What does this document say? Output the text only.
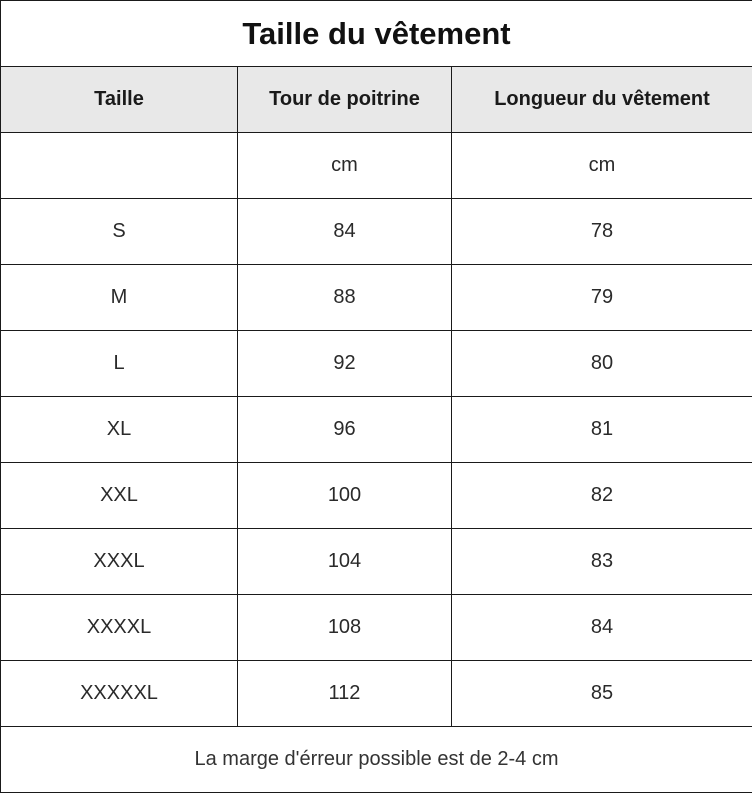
Taille du vêtement		
Taille	Tour de poitrine	Longueur du vêtement
	cm	cm
S	84	78
M	88	79
L	92	80
XL	96	81
XXL	100	82
XXXL	104	83
XXXXL	108	84
XXXXXL	112	85
La marge d'érreur possible est de 2-4 cm		
